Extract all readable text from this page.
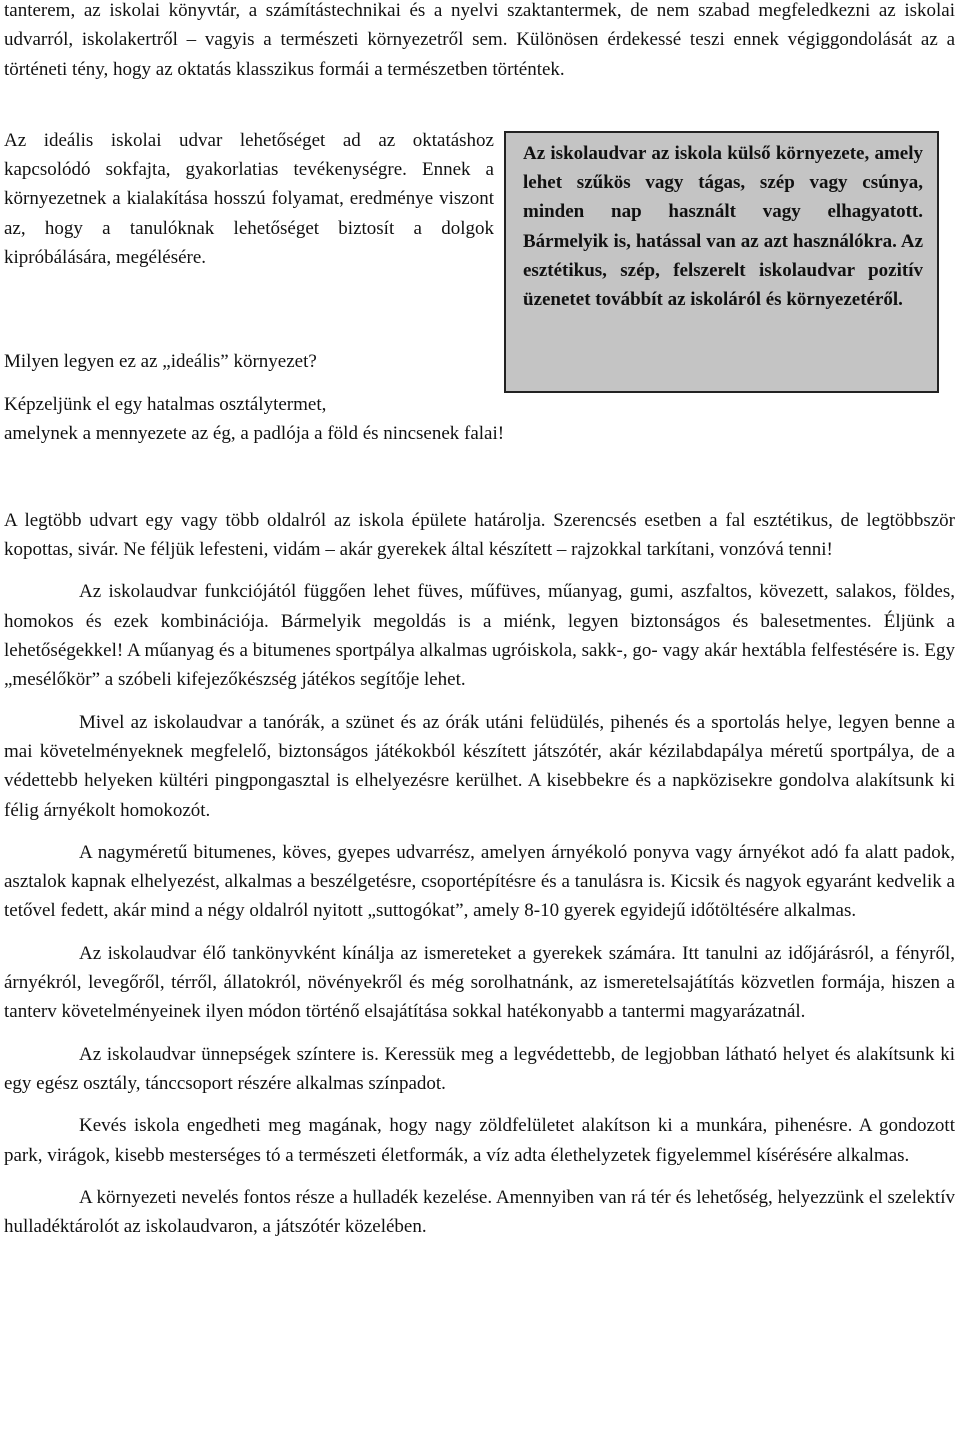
tanterem, az iskolai könyvtár, a számítástechnikai és a nyelvi szaktantermek, de nem szabad megfeledkezni az iskolai udvarról, iskolakertről – vagyis a természeti környezetről sem. Különösen érdekessé teszi ennek végiggondolását az a történeti tény, hogy az oktatás klasszikus formái a természetben történtek.

Az ideális iskolai udvar lehetőséget ad az oktatáshoz kapcsolódó sokfajta, gyakorlatias tevékenységre. Ennek a környezetnek a kialakítása hosszú folyamat, eredménye viszont az, hogy a tanulóknak lehetőséget biztosít a dolgok kipróbálására, megélésére.

Milyen legyen ez az „ideális” környezet?

Képzeljünk el egy hatalmas osztálytermet,

amelynek a mennyezete az ég, a padlója a föld és nincsenek falai!

Az iskolaudvar az iskola külső környezete, amely lehet szűkös vagy tágas, szép vagy csúnya, minden nap használt vagy elhagyatott. Bármelyik is, hatással van az azt használókra. Az esztétikus, szép, felszerelt iskolaudvar pozitív üzenetet továbbít az iskoláról és környezetéről.

A legtöbb udvart egy vagy több oldalról az iskola épülete határolja. Szerencsés esetben a fal esztétikus, de legtöbbször kopottas, sivár. Ne féljük lefesteni, vidám – akár gyerekek által készített – rajzokkal tarkítani, vonzóvá tenni!

Az iskolaudvar funkciójától függően lehet füves, műfüves, műanyag, gumi, aszfaltos, kövezett, salakos, földes, homokos és ezek kombinációja. Bármelyik megoldás is a miénk, legyen biztonságos és balesetmentes. Éljünk a lehetőségekkel! A műanyag és a bitumenes sportpálya alkalmas ugróiskola, sakk-, go- vagy akár hextábla felfestésére is. Egy „mesélőkör” a szóbeli kifejezőkészség játékos segítője lehet.

Mivel az iskolaudvar a tanórák, a szünet és az órák utáni felüdülés, pihenés és a sportolás helye, legyen benne a mai követelményeknek megfelelő, biztonságos játékokból készített játszótér, akár kézilabdapálya méretű sportpálya, de a védettebb helyeken kültéri pingpongasztal is elhelyezésre kerülhet. A kisebbekre és a napközisekre gondolva alakítsunk ki félig árnyékolt homokozót.

A nagyméretű bitumenes, köves, gyepes udvarrész, amelyen árnyékoló ponyva vagy árnyékot adó fa alatt padok, asztalok kapnak elhelyezést, alkalmas a beszélgetésre, csoportépítésre és a tanulásra is. Kicsik és nagyok egyaránt kedvelik a tetővel fedett, akár mind a négy oldalról nyitott „suttogókat”, amely 8-10 gyerek egyidejű időtöltésére alkalmas.

Az iskolaudvar élő tankönyvként kínálja az ismereteket a gyerekek számára. Itt tanulni az időjárásról, a fényről, árnyékról, levegőről, térről, állatokról, növényekről és még sorolhatnánk, az ismeretelsajátítás közvetlen formája, hiszen a tanterv követelményeinek ilyen módon történő elsajátítása sokkal hatékonyabb a tantermi magyarázatnál.

Az iskolaudvar ünnepségek színtere is. Keressük meg a legvédettebb, de legjobban látható helyet és alakítsunk ki egy egész osztály, tánccsoport részére alkalmas színpadot.

Kevés iskola engedheti meg magának, hogy nagy zöldfelületet alakítson ki a munkára, pihenésre. A gondozott park, virágok, kisebb mesterséges tó a természeti életformák, a víz adta élethelyzetek figyelemmel kísérésére alkalmas.

A környezeti nevelés fontos része a hulladék kezelése. Amennyiben van rá tér és lehetőség, helyezzünk el szelektív hulladéktárolót az iskolaudvaron, a játszótér közelében.
